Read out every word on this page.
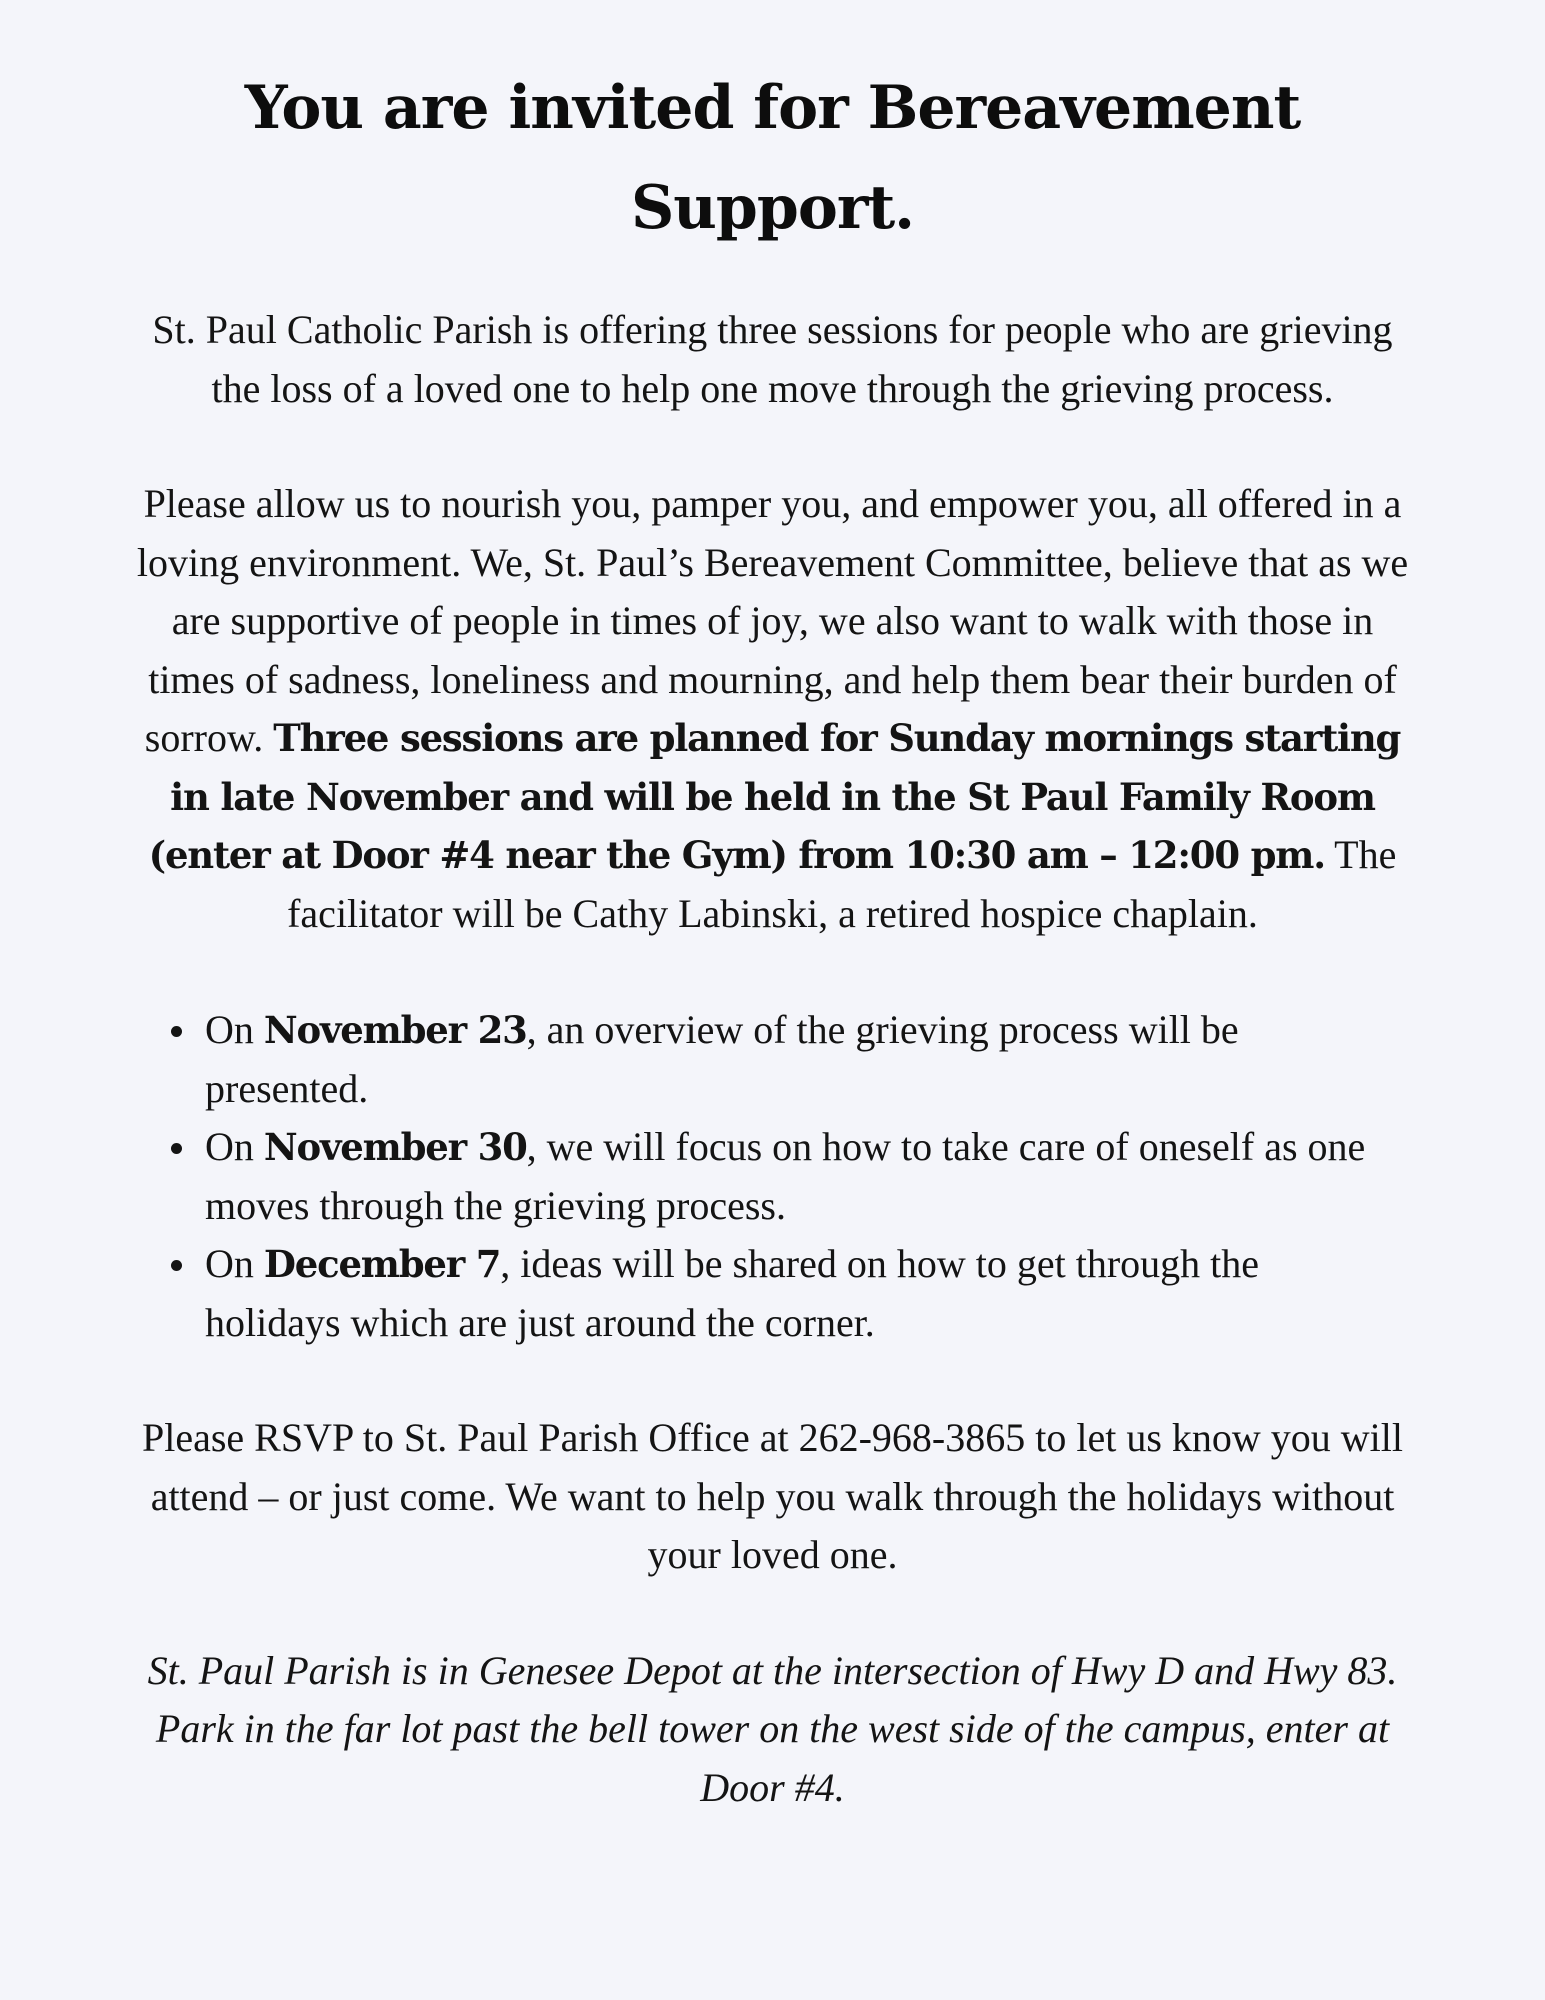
You are invited for Bereavement Support.

St. Paul Catholic Parish is offering three sessions for people who are grieving the loss of a loved one to help one move through the grieving process.

Please allow us to nourish you, pamper you, and empower you, all offered in a loving environment. We, St. Paul’s Bereavement Committee, believe that as we are supportive of people in times of joy, we also want to walk with those in times of sadness, loneliness and mourning, and help them bear their burden of sorrow. Three sessions are planned for Sunday mornings starting in late November and will be held in the St Paul Family Room (enter at Door #4 near the Gym) from 10:30 am – 12:00 pm. The facilitator will be Cathy Labinski, a retired hospice chaplain.

On November 23, an overview of the grieving process will be presented.
On November 30, we will focus on how to take care of oneself as one moves through the grieving process.
On December 7, ideas will be shared on how to get through the holidays which are just around the corner.

Please RSVP to St. Paul Parish Office at 262-968-3865 to let us know you will attend – or just come. We want to help you walk through the holidays without your loved one.

St. Paul Parish is in Genesee Depot at the intersection of Hwy D and Hwy 83. Park in the far lot past the bell tower on the west side of the campus, enter at Door #4.
